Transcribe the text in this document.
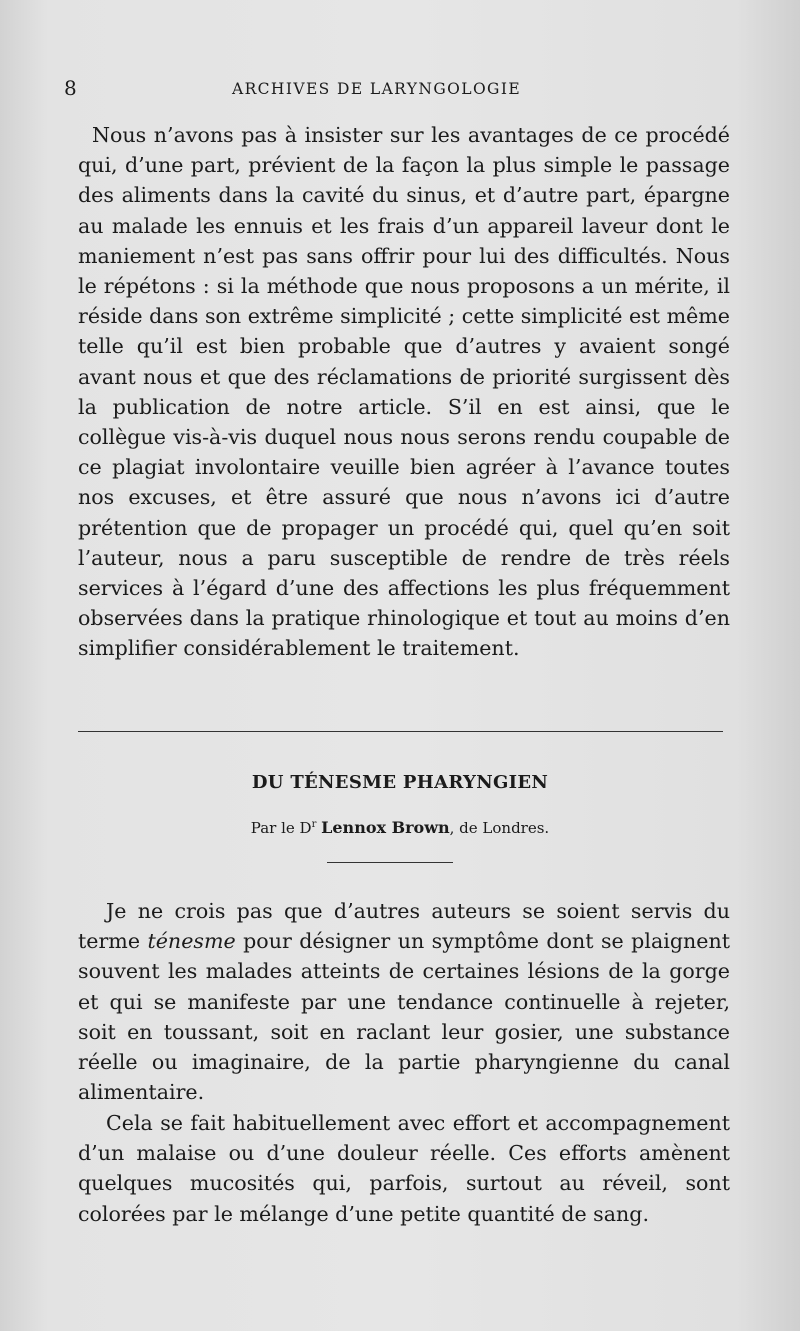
8	ARCHIVES DE LARYNGOLOGIE

Nous n’avons pas à insister sur les avantages de ce procédé qui, d’une part, prévient de la façon la plus simple le passage des aliments dans la cavité du sinus, et d’autre part, épargne au malade les ennuis et les frais d’un appareil laveur dont le maniement n’est pas sans offrir pour lui des difficultés. Nous le répétons : si la méthode que nous proposons a un mérite, il réside dans son extrême simplicité ; cette simplicité est même telle qu’il est bien probable que d’autres y avaient songé avant nous et que des réclamations de priorité surgissent dès la publication de notre article. S’il en est ainsi, que le collègue vis-à-vis duquel nous nous serons rendu coupable de ce plagiat involontaire veuille bien agréer à l’avance toutes nos excuses, et être assuré que nous n’avons ici d’autre prétention que de propager un procédé qui, quel qu’en soit l’auteur, nous a paru susceptible de rendre de très réels services à l’égard d’une des affections les plus fréquemment observées dans la pratique rhinologique et tout au moins d’en simplifier considérablement le traitement.

DU TÉNESME PHARYNGIEN
Par le $D^r$ Lennox Brown, de Londres.

Je ne crois pas que d’autres auteurs se soient servis du terme ténesme pour désigner un symptôme dont se plaignent souvent les malades atteints de certaines lésions de la gorge et qui se manifeste par une tendance continuelle à rejeter, soit en toussant, soit en raclant leur gosier, une substance réelle ou imaginaire, de la partie pharyngienne du canal alimentaire.

Cela se fait habituellement avec effort et accompagnement d’un malaise ou d’une douleur réelle. Ces efforts amènent quelques mucosités qui, parfois, surtout au réveil, sont colorées par le mélange d’une petite quantité de sang.
